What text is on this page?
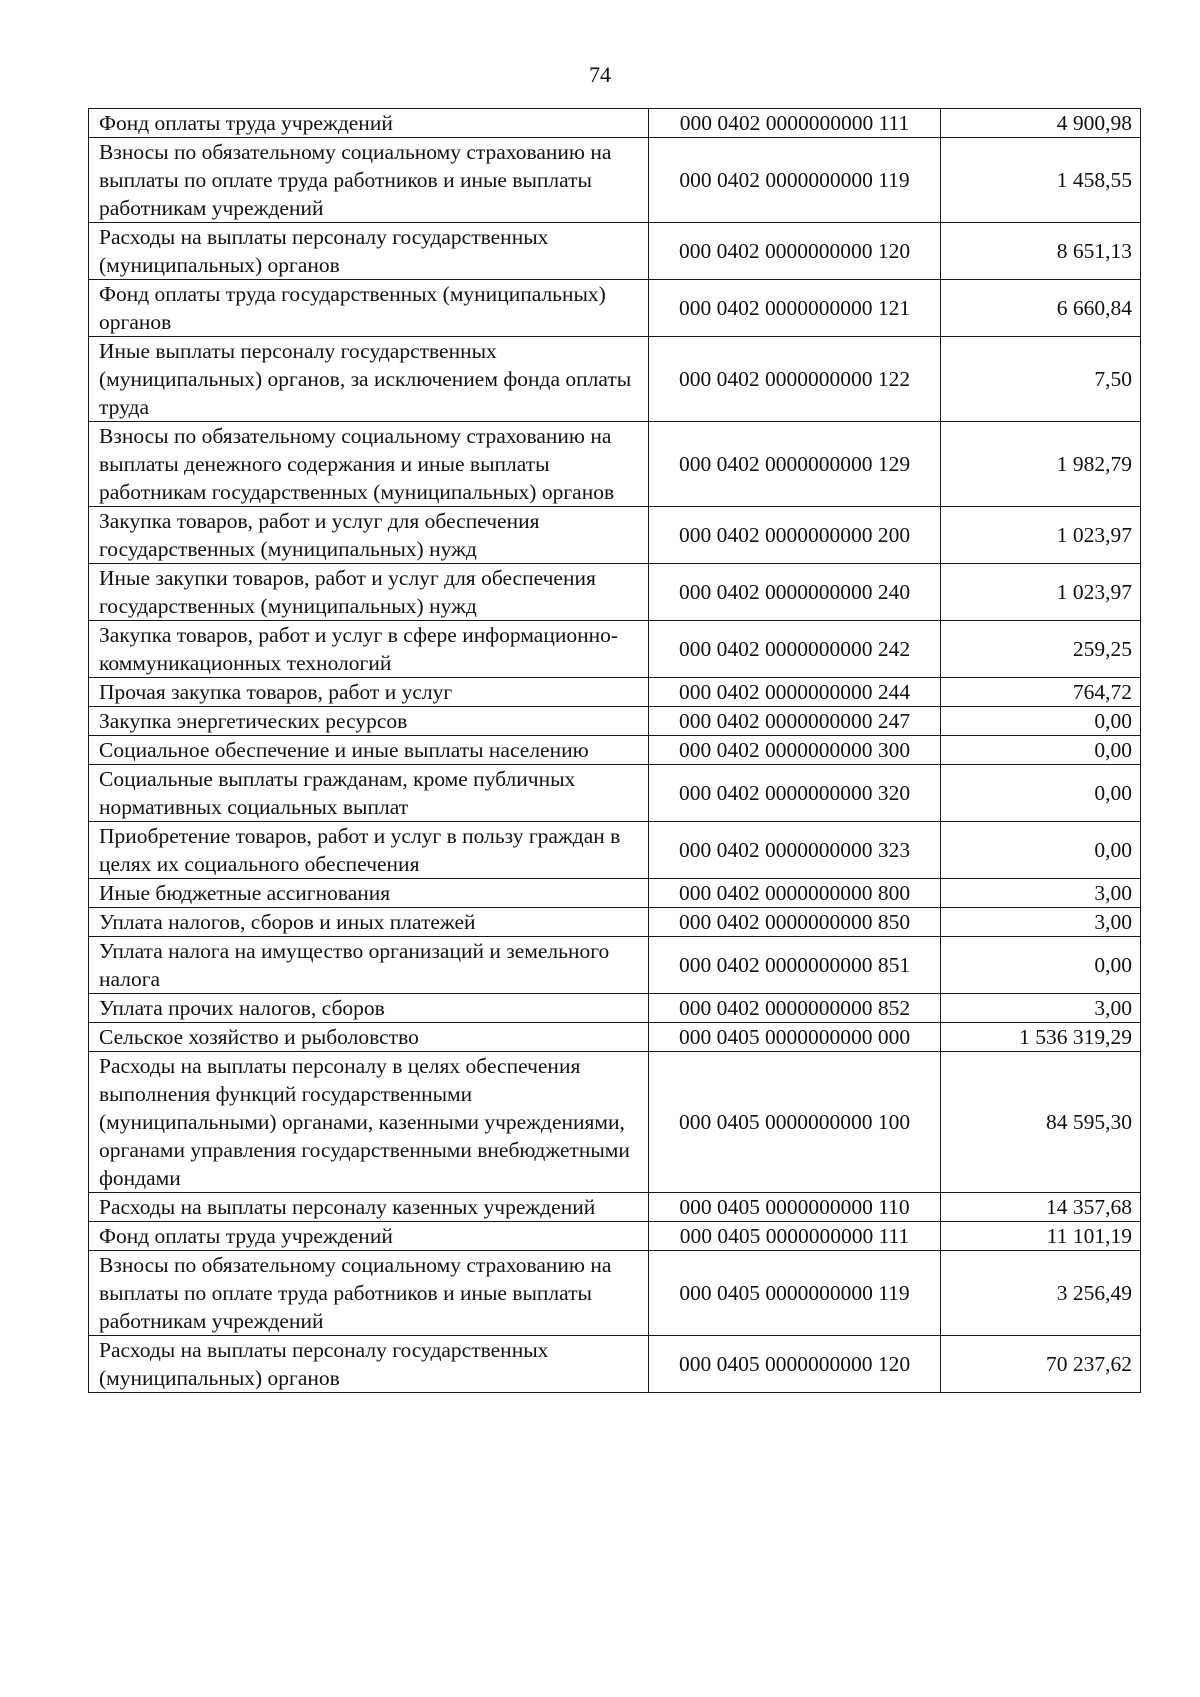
74
Фонд оплаты труда учреждений	000 0402 0000000000 111	4 900,98
Взносы по обязательному социальному страхованию на выплаты по оплате труда работников и иные выплаты работникам учреждений	000 0402 0000000000 119	1 458,55
Расходы на выплаты персоналу государственных (муниципальных) органов	000 0402 0000000000 120	8 651,13
Фонд оплаты труда государственных (муниципальных) органов	000 0402 0000000000 121	6 660,84
Иные выплаты персоналу государственных (муниципальных) органов, за исключением фонда оплаты труда	000 0402 0000000000 122	7,50
Взносы по обязательному социальному страхованию на выплаты денежного содержания и иные выплаты работникам государственных (муниципальных) органов	000 0402 0000000000 129	1 982,79
Закупка товаров, работ и услуг для обеспечения государственных (муниципальных) нужд	000 0402 0000000000 200	1 023,97
Иные закупки товаров, работ и услуг для обеспечения государственных (муниципальных) нужд	000 0402 0000000000 240	1 023,97
Закупка товаров, работ и услуг в сфере информационно-коммуникационных технологий	000 0402 0000000000 242	259,25
Прочая закупка товаров, работ и услуг	000 0402 0000000000 244	764,72
Закупка энергетических ресурсов	000 0402 0000000000 247	0,00
Социальное обеспечение и иные выплаты населению	000 0402 0000000000 300	0,00
Социальные выплаты гражданам, кроме публичных нормативных социальных выплат	000 0402 0000000000 320	0,00
Приобретение товаров, работ и услуг в пользу граждан в целях их социального обеспечения	000 0402 0000000000 323	0,00
Иные бюджетные ассигнования	000 0402 0000000000 800	3,00
Уплата налогов, сборов и иных платежей	000 0402 0000000000 850	3,00
Уплата налога на имущество организаций и земельного налога	000 0402 0000000000 851	0,00
Уплата прочих налогов, сборов	000 0402 0000000000 852	3,00
Сельское хозяйство и рыболовство	000 0405 0000000000 000	1 536 319,29
Расходы на выплаты персоналу в целях обеспечения выполнения функций государственными (муниципальными) органами, казенными учреждениями, органами управления государственными внебюджетными фондами	000 0405 0000000000 100	84 595,30
Расходы на выплаты персоналу казенных учреждений	000 0405 0000000000 110	14 357,68
Фонд оплаты труда учреждений	000 0405 0000000000 111	11 101,19
Взносы по обязательному социальному страхованию на выплаты по оплате труда работников и иные выплаты работникам учреждений	000 0405 0000000000 119	3 256,49
Расходы на выплаты персоналу государственных (муниципальных) органов	000 0405 0000000000 120	70 237,62
